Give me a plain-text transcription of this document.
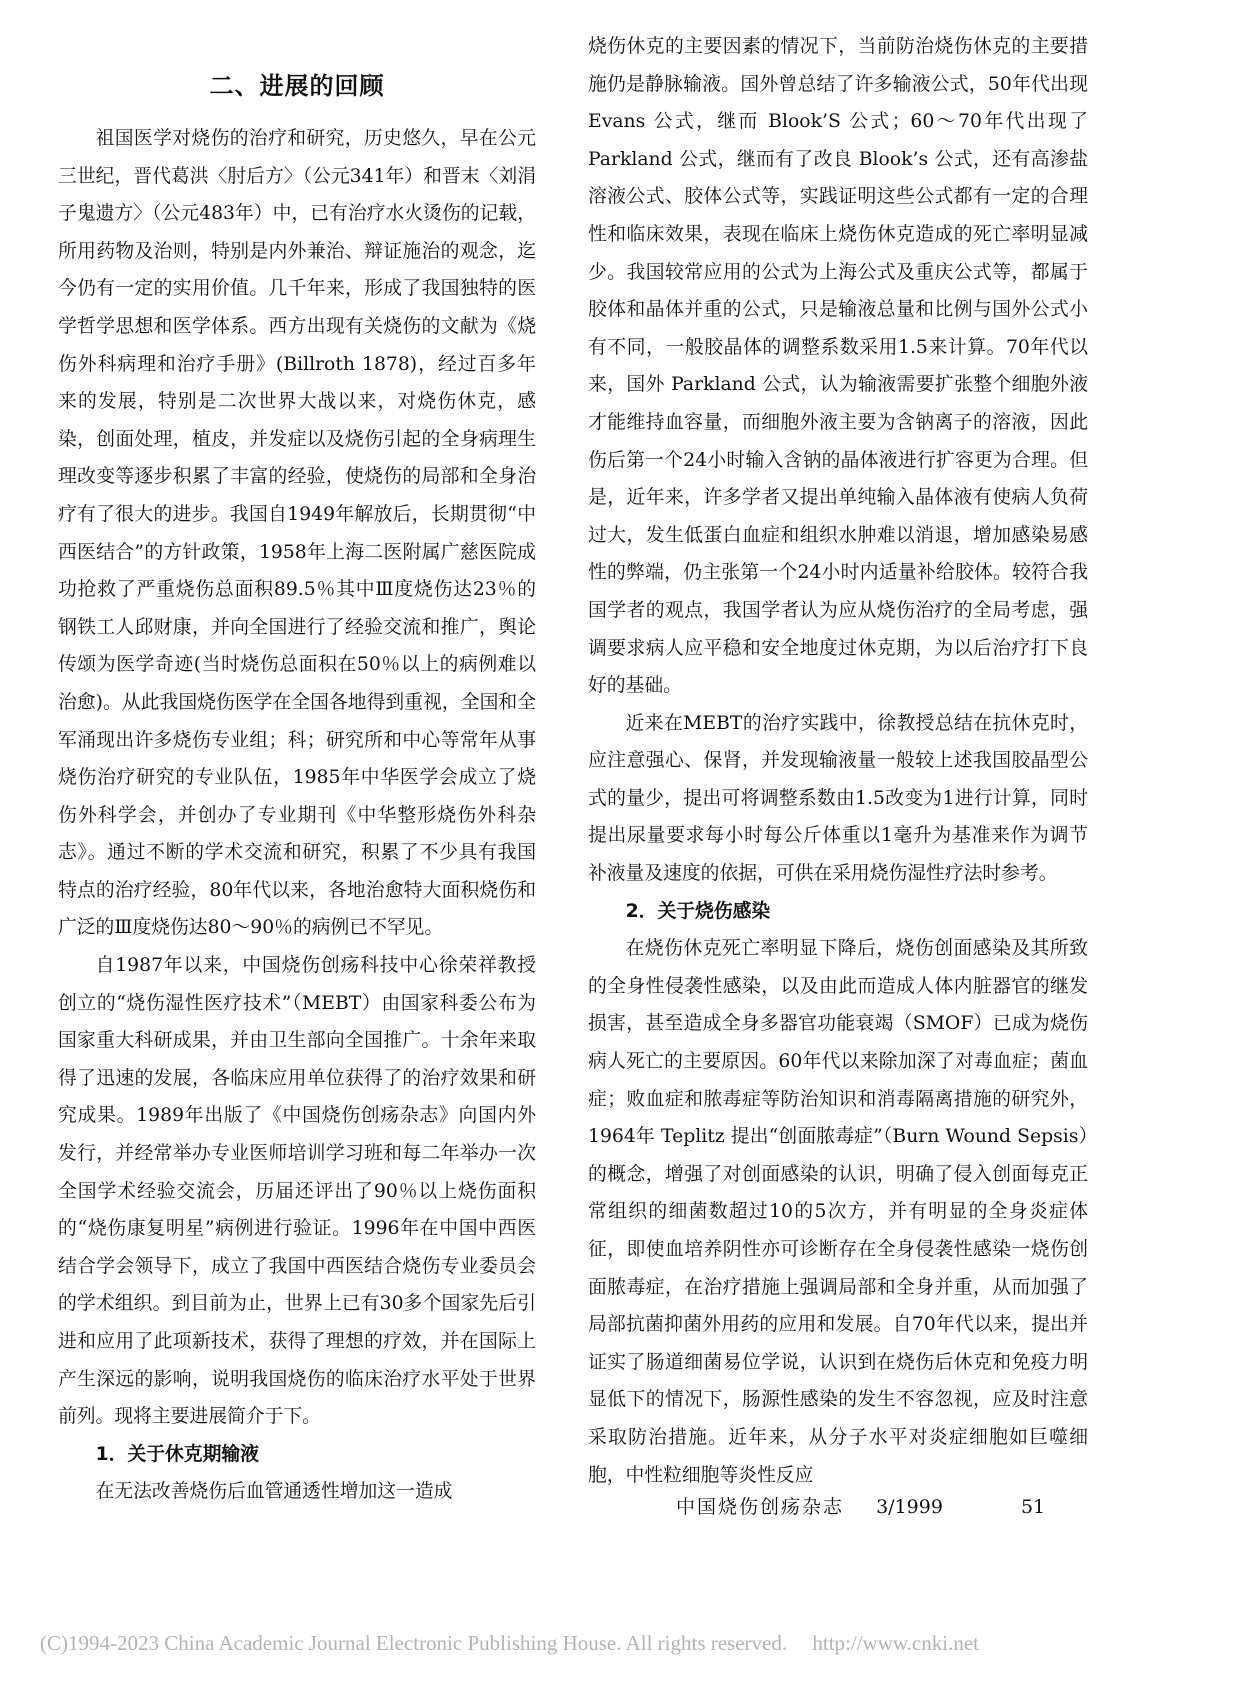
二、进展的回顾

祖国医学对烧伤的治疗和研究，历史悠久，早在公元三世纪，晋代葛洪〈肘后方〉（公元341年）和晋末〈刘涓子鬼遗方〉（公元483年）中，已有治疗水火烫伤的记载，所用药物及治则，特别是内外兼治、辩证施治的观念，迄今仍有一定的实用价值。几千年来，形成了我国独特的医学哲学思想和医学体系。西方出现有关烧伤的文献为《烧伤外科病理和治疗手册》(Billroth 1878)，经过百多年来的发展，特别是二次世界大战以来，对烧伤休克，感染，创面处理，植皮，并发症以及烧伤引起的全身病理生理改变等逐步积累了丰富的经验，使烧伤的局部和全身治疗有了很大的进步。我国自1949年解放后，长期贯彻“中西医结合”的方针政策，1958年上海二医附属广慈医院成功抢救了严重烧伤总面积89.5％其中Ⅲ度烧伤达23％的钢铁工人邱财康，并向全国进行了经验交流和推广，舆论传颂为医学奇迹(当时烧伤总面积在50％以上的病例难以治愈)。从此我国烧伤医学在全国各地得到重视，全国和全军涌现出许多烧伤专业组；科；研究所和中心等常年从事烧伤治疗研究的专业队伍，1985年中华医学会成立了烧伤外科学会，并创办了专业期刊《中华整形烧伤外科杂志》。通过不断的学术交流和研究，积累了不少具有我国特点的治疗经验，80年代以来，各地治愈特大面积烧伤和广泛的Ⅲ度烧伤达80～90％的病例已不罕见。

自1987年以来，中国烧伤创疡科技中心徐荣祥教授创立的“烧伤湿性医疗技术”（MEBT）由国家科委公布为国家重大科研成果，并由卫生部向全国推广。十余年来取得了迅速的发展，各临床应用单位获得了的治疗效果和研究成果。1989年出版了《中国烧伤创疡杂志》向国内外发行，并经常举办专业医师培训学习班和每二年举办一次全国学术经验交流会，历届还评出了90％以上烧伤面积的“烧伤康复明星”病例进行验证。1996年在中国中西医结合学会领导下，成立了我国中西医结合烧伤专业委员会的学术组织。到目前为止，世界上已有30多个国家先后引进和应用了此项新技术，获得了理想的疗效，并在国际上产生深远的影响，说明我国烧伤的临床治疗水平处于世界前列。现将主要进展简介于下。

1．关于休克期输液

在无法改善烧伤后血管通透性增加这一造成

烧伤休克的主要因素的情况下，当前防治烧伤休克的主要措施仍是静脉输液。国外曾总结了许多输液公式，50年代出现 Evans 公式，继而 Blook’S 公式；60～70年代出现了 Parkland 公式，继而有了改良 Blook’s 公式，还有高渗盐溶液公式、胶体公式等，实践证明这些公式都有一定的合理性和临床效果，表现在临床上烧伤休克造成的死亡率明显减少。我国较常应用的公式为上海公式及重庆公式等，都属于胶体和晶体并重的公式，只是输液总量和比例与国外公式小有不同，一般胶晶体的调整系数采用1.5来计算。70年代以来，国外 Parkland 公式，认为输液需要扩张整个细胞外液才能维持血容量，而细胞外液主要为含钠离子的溶液，因此伤后第一个24小时输入含钠的晶体液进行扩容更为合理。但是，近年来，许多学者又提出单纯输入晶体液有使病人负荷过大，发生低蛋白血症和组织水肿难以消退，增加感染易感性的弊端，仍主张第一个24小时内适量补给胶体。较符合我国学者的观点，我国学者认为应从烧伤治疗的全局考虑，强调要求病人应平稳和安全地度过休克期，为以后治疗打下良好的基础。

近来在MEBT的治疗实践中，徐教授总结在抗休克时，应注意强心、保肾，并发现输液量一般较上述我国胶晶型公式的量少，提出可将调整系数由1.5改变为1进行计算，同时提出尿量要求每小时每公斤体重以1毫升为基准来作为调节补液量及速度的依据，可供在采用烧伤湿性疗法时参考。

2．关于烧伤感染

在烧伤休克死亡率明显下降后，烧伤创面感染及其所致的全身性侵袭性感染，以及由此而造成人体内脏器官的继发损害，甚至造成全身多器官功能衰竭（SMOF）已成为烧伤病人死亡的主要原因。60年代以来除加深了对毒血症；菌血症；败血症和脓毒症等防治知识和消毒隔离措施的研究外，1964年 Teplitz 提出“创面脓毒症”（Burn Wound Sepsis）的概念，增强了对创面感染的认识，明确了侵入创面每克正常组织的细菌数超过10的5次方，并有明显的全身炎症体征，即使血培养阴性亦可诊断存在全身侵袭性感染一烧伤创面脓毒症，在治疗措施上强调局部和全身并重，从而加强了局部抗菌抑菌外用药的应用和发展。自70年代以来，提出并证实了肠道细菌易位学说，认识到在烧伤后休克和免疫力明显低下的情况下，肠源性感染的发生不容忽视，应及时注意采取防治措施。近年来，从分子水平对炎症细胞如巨噬细胞，中性粒细胞等炎性反应

中国烧伤创疡杂志 3/1999	51
(C)1994-2023 China Academic Journal Electronic Publishing House. All rights reserved. http://www.cnki.net
